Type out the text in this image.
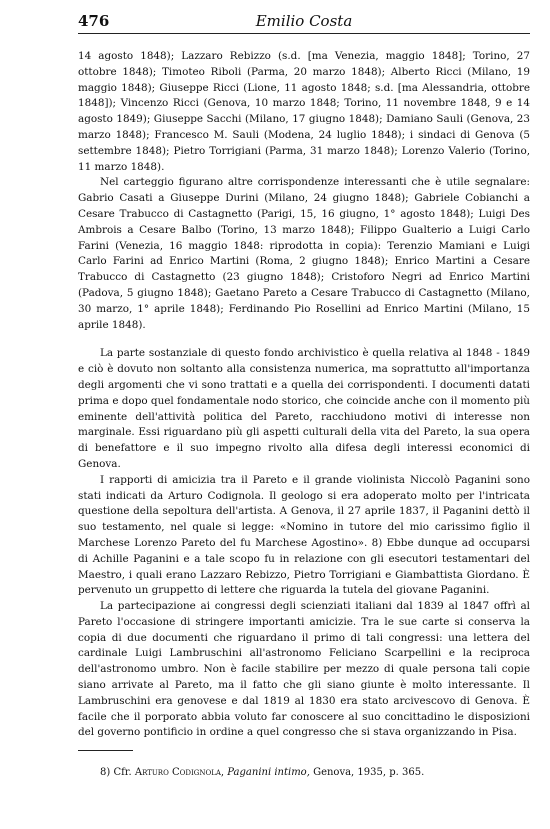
476	Emilio Costa

14 agosto 1848); Lazzaro Rebizzo (s.d. [ma Venezia, maggio 1848]; Torino, 27 ottobre 1848); Timoteo Riboli (Parma, 20 marzo 1848); Alberto Ricci (Milano, 19 maggio 1848); Giuseppe Ricci (Lione, 11 agosto 1848; s.d. [ma Alessandria, ottobre 1848]); Vincenzo Ricci (Genova, 10 marzo 1848; Torino, 11 novembre 1848, 9 e 14 agosto 1849); Giuseppe Sacchi (Milano, 17 giugno 1848); Damiano Sauli (Genova, 23 marzo 1848); Francesco M. Sauli (Modena, 24 luglio 1848); i sindaci di Genova (5 settembre 1848); Pietro Torrigiani (Parma, 31 marzo 1848); Lorenzo Valerio (Torino, 11 marzo 1848).

Nel carteggio figurano altre corrispondenze interessanti che è utile segnalare: Gabrio Casati a Giuseppe Durini (Milano, 24 giugno 1848); Gabriele Cobianchi a Cesare Trabucco di Castagnetto (Parigi, 15, 16 giugno, 1° agosto 1848); Luigi Des Ambrois a Cesare Balbo (Torino, 13 marzo 1848); Filippo Gualterio a Luigi Carlo Farini (Venezia, 16 maggio 1848: riprodotta in copia): Terenzio Mamiani e Luigi Carlo Farini ad Enrico Martini (Roma, 2 giugno 1848); Enrico Martini a Cesare Trabucco di Castagnetto (23 giugno 1848); Cristoforo Negri ad Enrico Martini (Padova, 5 giugno 1848); Gaetano Pareto a Cesare Trabucco di Castagnetto (Milano, 30 marzo, 1° aprile 1848); Ferdinando Pio Rosellini ad Enrico Martini (Milano, 15 aprile 1848).

La parte sostanziale di questo fondo archivistico è quella relativa al 1848 - 1849 e ciò è dovuto non soltanto alla consistenza numerica, ma soprattutto all'importanza degli argomenti che vi sono trattati e a quella dei corrispondenti. I documenti datati prima e dopo quel fondamentale nodo storico, che coincide anche con il momento più eminente dell'attività politica del Pareto, racchiudono motivi di interesse non marginale. Essi riguardano più gli aspetti culturali della vita del Pareto, la sua opera di benefattore e il suo impegno rivolto alla difesa degli interessi economici di Genova.

I rapporti di amicizia tra il Pareto e il grande violinista Niccolò Paganini sono stati indicati da Arturo Codignola. Il geologo si era adoperato molto per l'intricata questione della sepoltura dell'artista. A Genova, il 27 aprile 1837, il Paganini dettò il suo testamento, nel quale si legge: «Nomino in tutore del mio carissimo figlio il Marchese Lorenzo Pareto del fu Marchese Agostino». 8) Ebbe dunque ad occuparsi di Achille Paganini e a tale scopo fu in relazione con gli esecutori testamentari del Maestro, i quali erano Lazzaro Rebizzo, Pietro Torrigiani e Giambattista Giordano. È pervenuto un gruppetto di lettere che riguarda la tutela del giovane Paganini.

La partecipazione ai congressi degli scienziati italiani dal 1839 al 1847 offrì al Pareto l'occasione di stringere importanti amicizie. Tra le sue carte si conserva la copia di due documenti che riguardano il primo di tali congressi: una lettera del cardinale Luigi Lambruschini all'astronomo Feliciano Scarpellini e la reciproca dell'astronomo umbro. Non è facile stabilire per mezzo di quale persona tali copie siano arrivate al Pareto, ma il fatto che gli siano giunte è molto interessante. Il Lambruschini era genovese e dal 1819 al 1830 era stato arcivescovo di Genova. È facile che il porporato abbia voluto far conoscere al suo concittadino le disposizioni del governo pontificio in ordine a quel congresso che si stava organizzando in Pisa.

8) Cfr. Arturo Codignola, Paganini intimo, Genova, 1935, p. 365.
